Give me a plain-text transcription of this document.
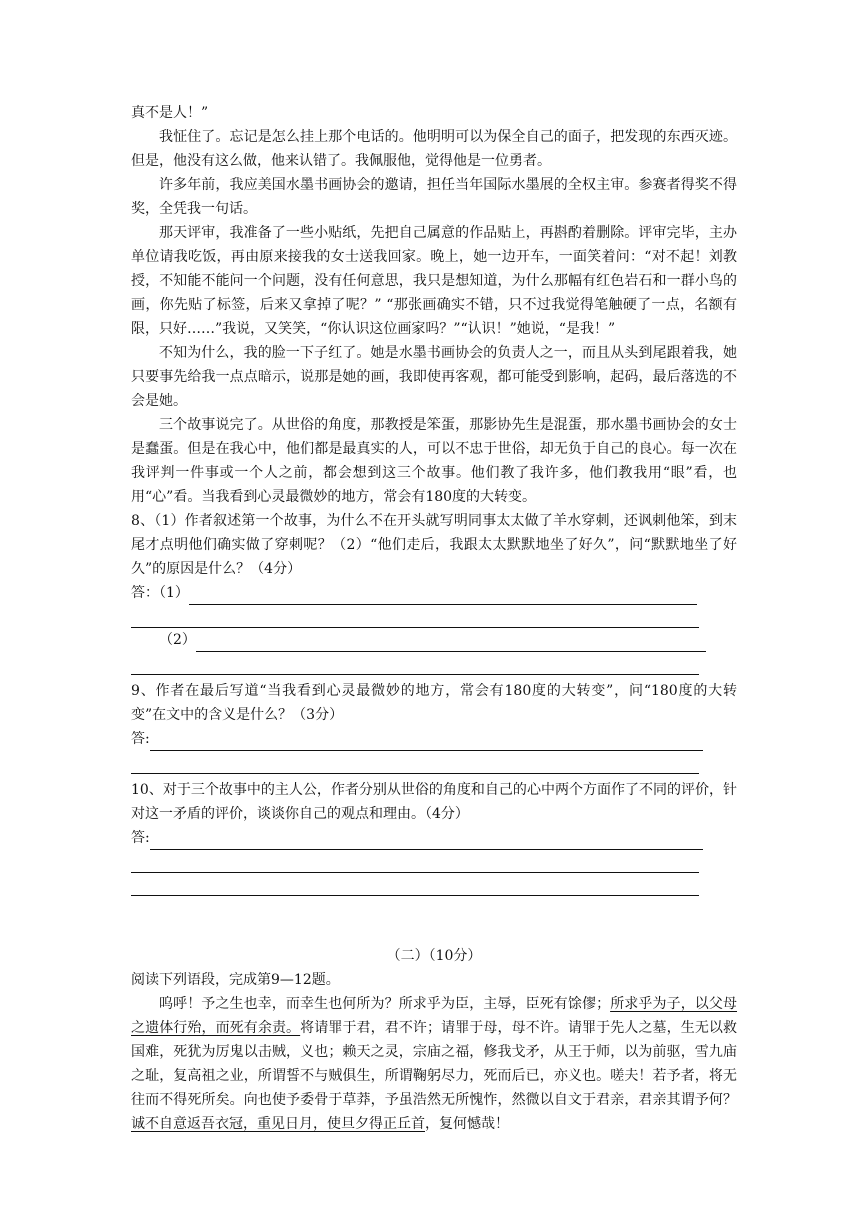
真不是人！”

我怔住了。忘记是怎么挂上那个电话的。他明明可以为保全自己的面子，把发现的东西灭迹。但是，他没有这么做，他来认错了。我佩服他，觉得他是一位勇者。

许多年前，我应美国水墨书画协会的邀请，担任当年国际水墨展的全权主审。参赛者得奖不得奖，全凭我一句话。

那天评审，我准备了一些小贴纸，先把自己属意的作品贴上，再斟酌着删除。评审完毕，主办单位请我吃饭，再由原来接我的女士送我回家。晚上，她一边开车，一面笑着问：“对不起！刘教授，不知能不能问一个问题，没有任何意思，我只是想知道，为什么那幅有红色岩石和一群小鸟的画，你先贴了标签，后来又拿掉了呢？” “那张画确实不错，只不过我觉得笔触硬了一点，名额有限，只好……”我说，又笑笑，“你认识这位画家吗？”“认识！”她说，“是我！”

不知为什么，我的脸一下子红了。她是水墨书画协会的负责人之一，而且从头到尾跟着我，她只要事先给我一点点暗示，说那是她的画，我即使再客观，都可能受到影响，起码，最后落选的不会是她。

三个故事说完了。从世俗的角度，那教授是笨蛋，那影协先生是混蛋，那水墨书画协会的女士是蠢蛋。但是在我心中，他们都是最真实的人，可以不忠于世俗，却无负于自己的良心。每一次在我评判一件事或一个人之前，都会想到这三个故事。他们教了我许多，他们教我用“眼”看，也用“心”看。当我看到心灵最微妙的地方，常会有180度的大转变。

8、（1）作者叙述第一个故事，为什么不在开头就写明同事太太做了羊水穿刺，还讽刺他笨，到末尾才点明他们确实做了穿刺呢？（2）“他们走后，我跟太太默默地坐了好久”，问“默默地坐了好久”的原因是什么？（4分）

答：（1）
（2）

9、作者在最后写道“当我看到心灵最微妙的地方，常会有180度的大转变”，问“180度的大转变”在文中的含义是什么？（3分）

答:

10、对于三个故事中的主人公，作者分别从世俗的角度和自己的心中两个方面作了不同的评价，针对这一矛盾的评价，谈谈你自己的观点和理由。（4分）

答:

（二）（10分）

阅读下列语段，完成第9—12题。

呜呼！予之生也幸，而幸生也何所为？所求乎为臣，主辱，臣死有馀僇；所求乎为子，以父母之遗体行殆，而死有余责。将请罪于君，君不许；请罪于母，母不许。请罪于先人之墓，生无以救国难，死犹为厉鬼以击贼，义也；赖天之灵，宗庙之福，修我戈矛，从王于师，以为前驱，雪九庙之耻，复高祖之业，所谓誓不与贼俱生，所谓鞠躬尽力，死而后已，亦义也。嗟夫！若予者，将无往而不得死所矣。向也使予委骨于草莽，予虽浩然无所愧怍，然微以自文于君亲，君亲其谓予何？诚不自意返吾衣冠，重见日月，使旦夕得正丘首，复何憾哉！
